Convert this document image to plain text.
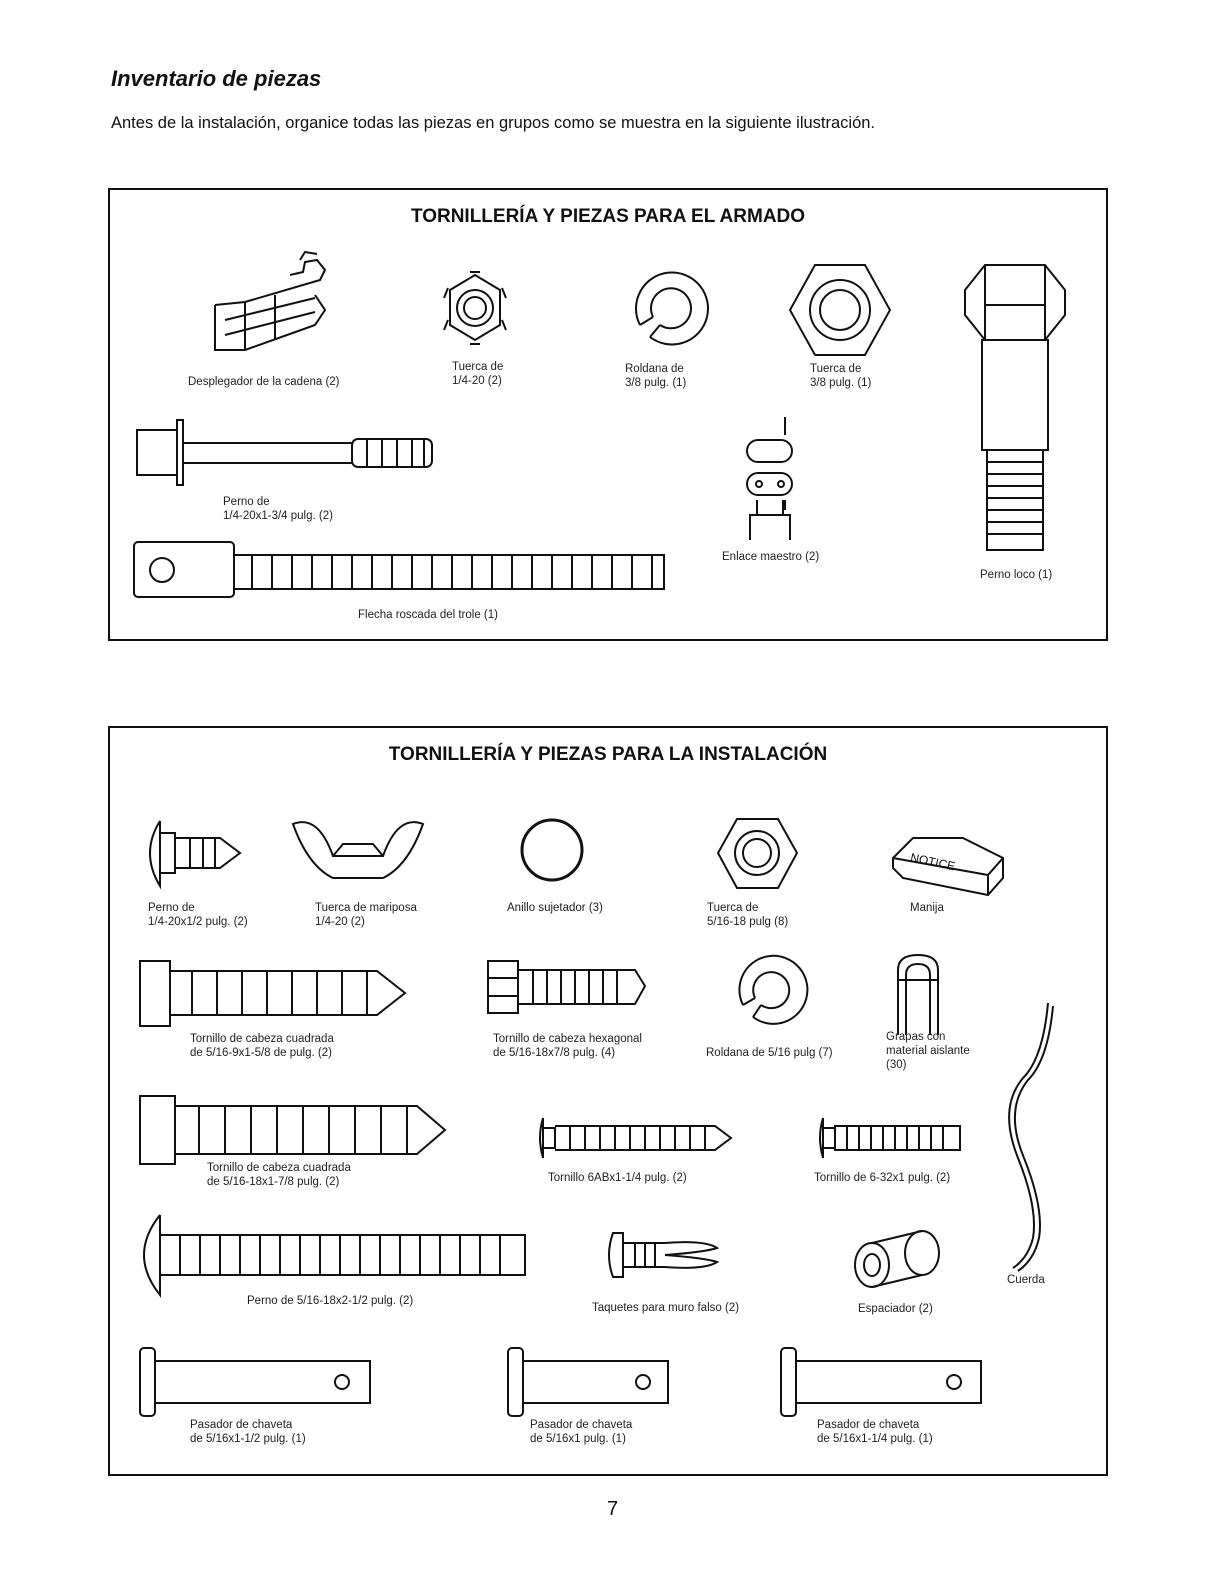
Inventario de piezas
Antes de la instalación, organice todas las piezas en grupos como se muestra en la siguiente ilustración.
TORNILLERÍA Y PIEZAS PARA EL ARMADO
Desplegador de la cadena (2)
Tuerca de
1/4-20 (2)
Roldana de
3/8 pulg. (1)
Tuerca de
3/8 pulg. (1)
Perno loco (1)
Perno de
1/4-20x1-3/4 pulg. (2)
Enlace maestro (2)
Flecha roscada del trole (1)
TORNILLERÍA Y PIEZAS PARA LA INSTALACIÓN
Perno de
1/4-20x1/2 pulg. (2)
Tuerca de mariposa
1/4-20 (2)
Anillo sujetador (3)	Tuerca de
5/16-18 pulg (8)
NOTICE
Manija
Tornillo de cabeza cuadrada
de 5/16-9x1-5/8 de pulg. (2)
Tornillo de cabeza hexagonal
de 5/16-18x7/8 pulg. (4)	Roldana de 5/16 pulg (7)
Grapas con
material aislante
(30)
Cuerda
Tornillo de cabeza cuadrada
de 5/16-18x1-7/8 pulg. (2)	Tornillo 6ABx1-1/4 pulg. (2)	Tornillo de 6-32x1 pulg. (2)
Perno de 5/16-18x2-1/2 pulg. (2)
Taquetes para muro falso (2)	Espaciador (2)
Pasador de chaveta
de 5/16x1-1/2 pulg. (1)
Pasador de chaveta
de 5/16x1 pulg. (1)
Pasador de chaveta
de 5/16x1-1/4 pulg. (1)
7
